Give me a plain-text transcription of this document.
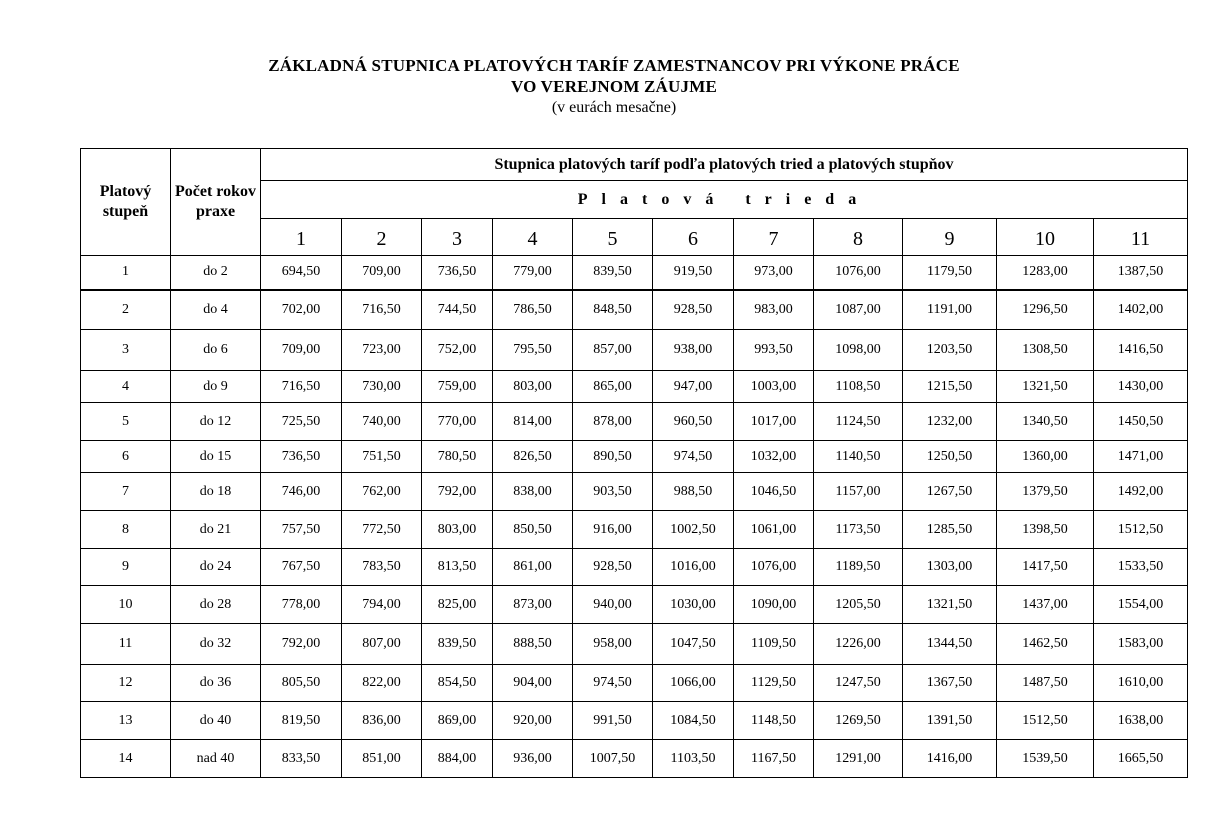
ZÁKLADNÁ STUPNICA PLATOVÝCH TARÍF ZAMESTNANCOV PRI VÝKONE PRÁCE
VO VEREJNOM ZÁUJME
(v eurách mesačne)
Platový stupeň	Počet rokov praxe	Stupnica platových taríf podľa platových tried a platových stupňov										
		Platová trieda										
		1	2	3	4	5	6	7	8	9	10	11
1	do 2	694,50	709,00	736,50	779,00	839,50	919,50	973,00	1076,00	1179,50	1283,00	1387,50
2	do 4	702,00	716,50	744,50	786,50	848,50	928,50	983,00	1087,00	1191,00	1296,50	1402,00
3	do 6	709,00	723,00	752,00	795,50	857,00	938,00	993,50	1098,00	1203,50	1308,50	1416,50
4	do 9	716,50	730,00	759,00	803,00	865,00	947,00	1003,00	1108,50	1215,50	1321,50	1430,00
5	do 12	725,50	740,00	770,00	814,00	878,00	960,50	1017,00	1124,50	1232,00	1340,50	1450,50
6	do 15	736,50	751,50	780,50	826,50	890,50	974,50	1032,00	1140,50	1250,50	1360,00	1471,00
7	do 18	746,00	762,00	792,00	838,00	903,50	988,50	1046,50	1157,00	1267,50	1379,50	1492,00
8	do 21	757,50	772,50	803,00	850,50	916,00	1002,50	1061,00	1173,50	1285,50	1398,50	1512,50
9	do 24	767,50	783,50	813,50	861,00	928,50	1016,00	1076,00	1189,50	1303,00	1417,50	1533,50
10	do 28	778,00	794,00	825,00	873,00	940,00	1030,00	1090,00	1205,50	1321,50	1437,00	1554,00
11	do 32	792,00	807,00	839,50	888,50	958,00	1047,50	1109,50	1226,00	1344,50	1462,50	1583,00
12	do 36	805,50	822,00	854,50	904,00	974,50	1066,00	1129,50	1247,50	1367,50	1487,50	1610,00
13	do 40	819,50	836,00	869,00	920,00	991,50	1084,50	1148,50	1269,50	1391,50	1512,50	1638,00
14	nad 40	833,50	851,00	884,00	936,00	1007,50	1103,50	1167,50	1291,00	1416,00	1539,50	1665,50
